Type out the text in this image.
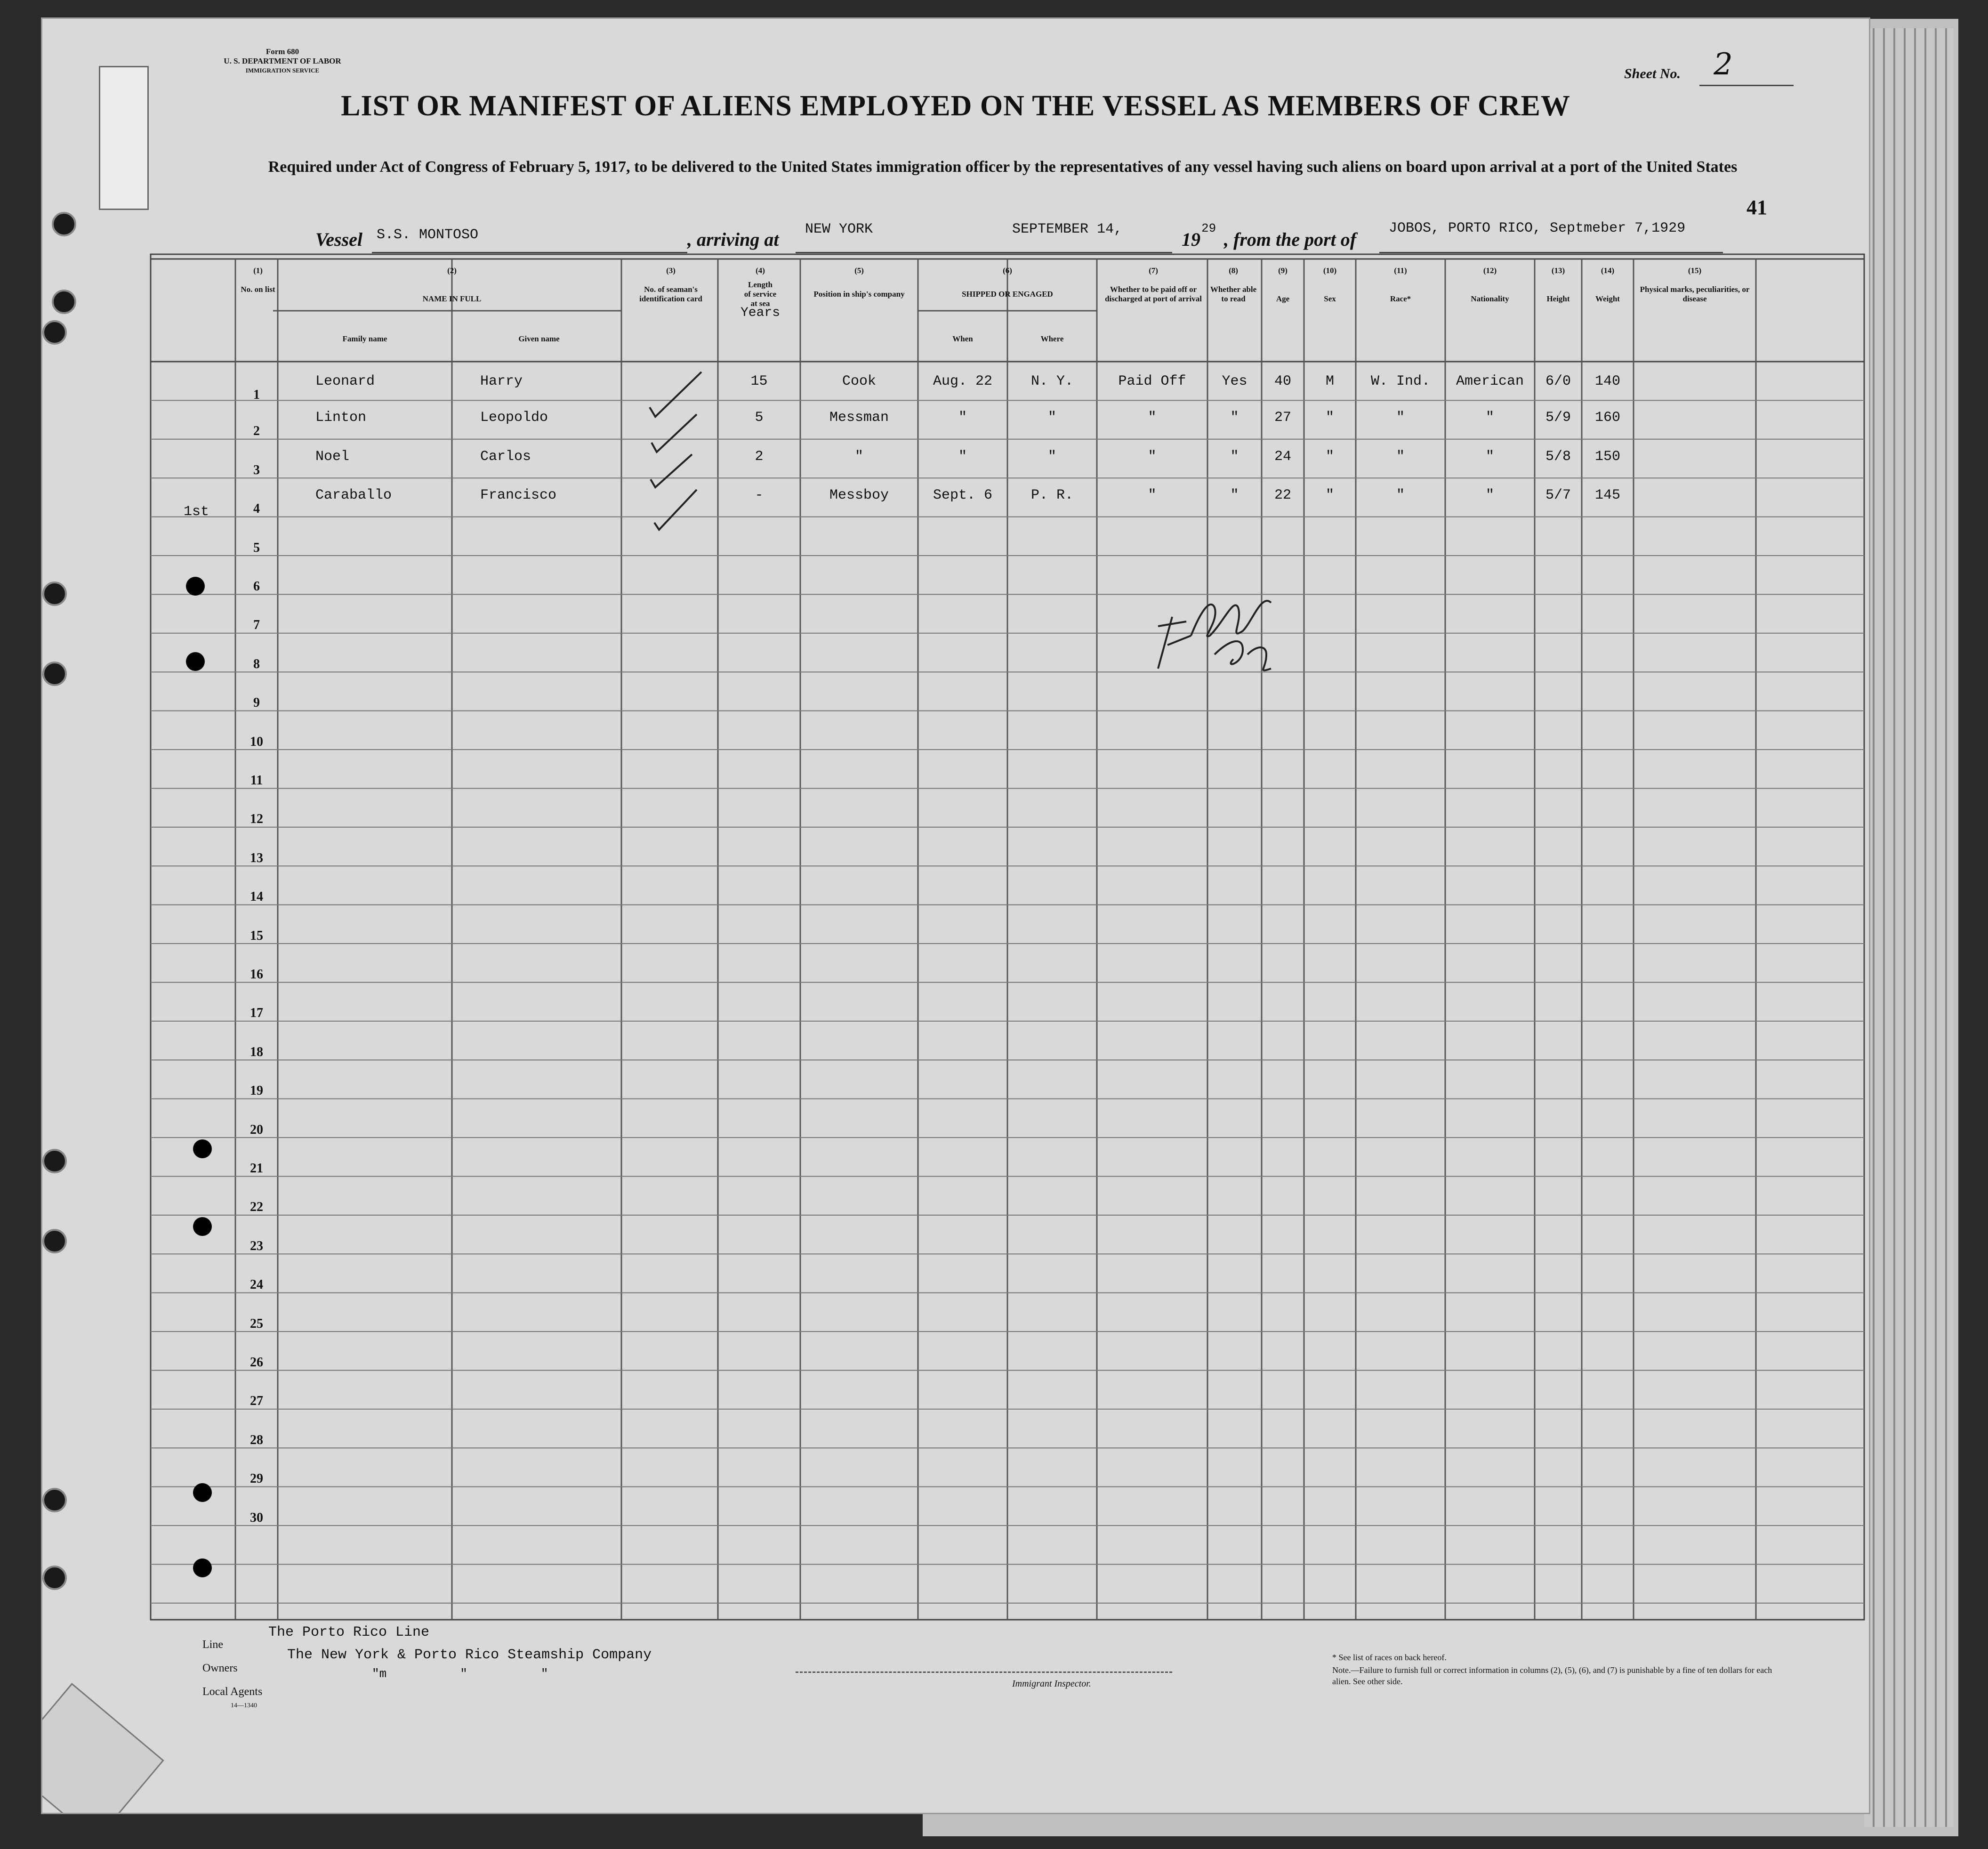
Form 680
U. S. DEPARTMENT OF LABOR
IMMIGRATION SERVICE	Sheet No. 2
LIST OR MANIFEST OF ALIENS EMPLOYED ON THE VESSEL AS MEMBERS OF CREW
Required under Act of Congress of February 5, 1917, to be delivered to the United States immigration officer by the representatives of any vessel having such aliens on board upon arrival at a port of the United States
41
Vessel S.S. MONTOSO	, arriving at NEW YORK	SEPTEMBER 14,	19
29
, from the port of
JOBOS, PORTO RICO, Septmeber 7,1929
(1)
No. on list
(2)
NAME IN FULL
Family name	Given name
(3)
No. of seaman's identification card
(4)
Length of service at sea
Years
(5)
Position in ship's company
(6)
SHIPPED OR ENGAGED
When	Where
(7)
Whether to be paid off or discharged at port of arrival
(8)
Whether able to read
(9)
Age
(10)
Sex
(11)
Race*
(12)
Nationality
(13)
Height
(14)
Weight
(15)
Physical marks, peculiarities, or disease
1
Leonard	Harry	15	Cook	Aug. 22	N. Y.	Paid Off	Yes	40	M	W. Ind.	American	6/0	140
2
Linton	Leopoldo	5	Messman	"	"	"	"	27	"	"	"	5/9	160
3
Noel	Carlos	2	"	"	"	"	"	24	"	"	"	5/8	150
4
Caraballo	Francisco	-	Messboy	Sept. 6	P. R.	"	"	22	"	"	"	5/7	145
5
6
7
8
9
10
11
12
13
14
15
16
17
18
19
20
21
22
23
24
25
26
27
28
29
30
1st
Line
The Porto Rico Line
Owners
The New York & Porto Rico Steamship Company
Local Agents
"m          "          "
14—1340
Immigrant Inspector.
* See list of races on back hereof.
Note.—Failure to furnish full or correct information in columns (2), (5), (6), and (7) is punishable by a fine of ten dollars for each alien. See other side.
